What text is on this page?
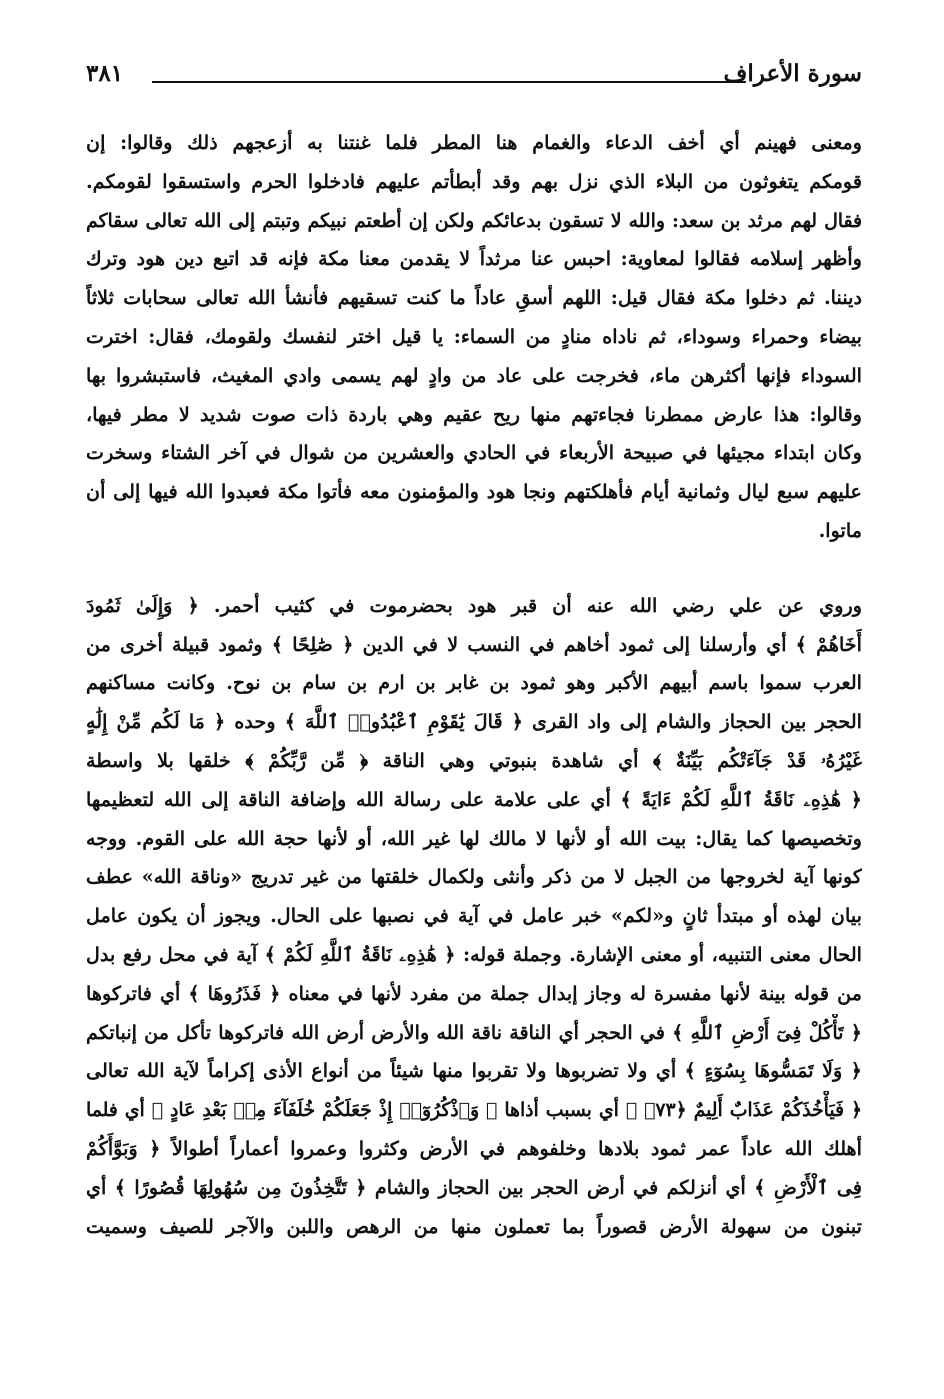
سورة الأعراف
٣٨١
ومعنى فهينم أي أخف الدعاء والغمام هنا المطر فلما غنتنا به أزعجهم ذلك وقالوا: إن
قومكم يتغوثون من البلاء الذي نزل بهم وقد أبطأتم عليهم فادخلوا الحرم واستسقوا لقومكم.
فقال لهم مرثد بن سعد: والله لا تسقون بدعائكم ولكن إن أطعتم نبيكم وتبتم إلى الله تعالى سقاكم
وأظهر إسلامه فقالوا لمعاوية: احبس عنا مرثداً لا يقدمن معنا مكة فإنه قد اتبع دين هود وترك
ديننا. ثم دخلوا مكة فقال قيل: اللهم أسقِ عاداً ما كنت تسقيهم فأنشأ الله تعالى سحابات ثلاثاً
بيضاء وحمراء وسوداء، ثم ناداه منادٍ من السماء: يا قيل اختر لنفسك ولقومك، فقال: اخترت
السوداء فإنها أكثرهن ماء، فخرجت على عاد من وادٍ لهم يسمى وادي المغيث، فاستبشروا بها
وقالوا: هذا عارض ممطرنا فجاءتهم منها ريح عقيم وهي باردة ذات صوت شديد لا مطر فيها،
وكان ابتداء مجيئها في صبيحة الأربعاء في الحادي والعشرين من شوال في آخر الشتاء وسخرت
عليهم سبع ليال وثمانية أيام فأهلكتهم ونجا هود والمؤمنون معه فأتوا مكة فعبدوا الله فيها إلى أن
ماتوا.
وروي عن علي رضي الله عنه أن قبر هود بحضرموت في كثيب أحمر. ﴿ وَإِلَىٰ ثَمُودَ
أَخَاهُمْ ﴾ أي وأرسلنا إلى ثمود أخاهم في النسب لا في الدين ﴿ صَٰلِحًا ﴾ وثمود قبيلة أخرى من
العرب سموا باسم أبيهم الأكبر وهو ثمود بن غابر بن ارم بن سام بن نوح. وكانت مساكنهم
الحجر بين الحجاز والشام إلى واد القرى ﴿ قَالَ يَٰقَوْمِ ٱعْبُدُوا۟ ٱللَّهَ ﴾ وحده ﴿ مَا لَكُم مِّنْ إِلَٰهٍ
غَيْرُهُۥ قَدْ جَآءَتْكُم بَيِّنَةٌ ﴾ أي شاهدة بنبوتي وهي الناقة ﴿ مِّن رَّبِّكُمْ ﴾ خلقها بلا واسطة
﴿ هَٰذِهِۦ نَاقَةُ ٱللَّهِ لَكُمْ ءَايَةً ﴾ أي على علامة على رسالة الله وإضافة الناقة إلى الله لتعظيمها
وتخصيصها كما يقال: بيت الله أو لأنها لا مالك لها غير الله، أو لأنها حجة الله على القوم. ووجه
كونها آية لخروجها من الجبل لا من ذكر وأنثى ولكمال خلقتها من غير تدريج «وناقة الله» عطف
بيان لهذه أو مبتدأ ثانٍ و«لكم» خبر عامل في آية في نصبها على الحال. ويجوز أن يكون عامل
الحال معنى التنبيه، أو معنى الإشارة. وجملة قوله: ﴿ هَٰذِهِۦ نَاقَةُ ٱللَّهِ لَكُمْ ﴾ آية في محل رفع بدل
من قوله بينة لأنها مفسرة له وجاز إبدال جملة من مفرد لأنها في معناه ﴿ فَذَرُوهَا ﴾ أي فاتركوها
﴿ تَأْكُلْ فِىٓ أَرْضِ ٱللَّهِ ﴾ في الحجر أي الناقة ناقة الله والأرض أرض الله فاتركوها تأكل من إنباتكم
﴿ وَلَا تَمَسُّوهَا بِسُوٓءٍ ﴾ أي ولا تضربوها ولا تقربوا منها شيئاً من أنواع الأذى إكراماً لآية الله تعالى
﴿ فَيَأْخُذَكُمْ عَذَابٌ أَلِيمٌ ﴿٧٣﴾ ﴾ أي بسبب أذاها ﴿ وَٱذْكُرُوٓا۟ إِذْ جَعَلَكُمْ خُلَفَآءَ مِنۢ بَعْدِ عَادٍ ﴾ أي فلما
أهلك الله عاداً عمر ثمود بلادها وخلفوهم في الأرض وكثروا وعمروا أعماراً أطوالاً ﴿ وَبَوَّأَكُمْ
فِى ٱلْأَرْضِ ﴾ أي أنزلكم في أرض الحجر بين الحجاز والشام ﴿ تَتَّخِذُونَ مِن سُهُولِهَا قُصُورًا ﴾ أي
تبنون من سهولة الأرض قصوراً بما تعملون منها من الرهص واللبن والآجر للصيف وسميت
